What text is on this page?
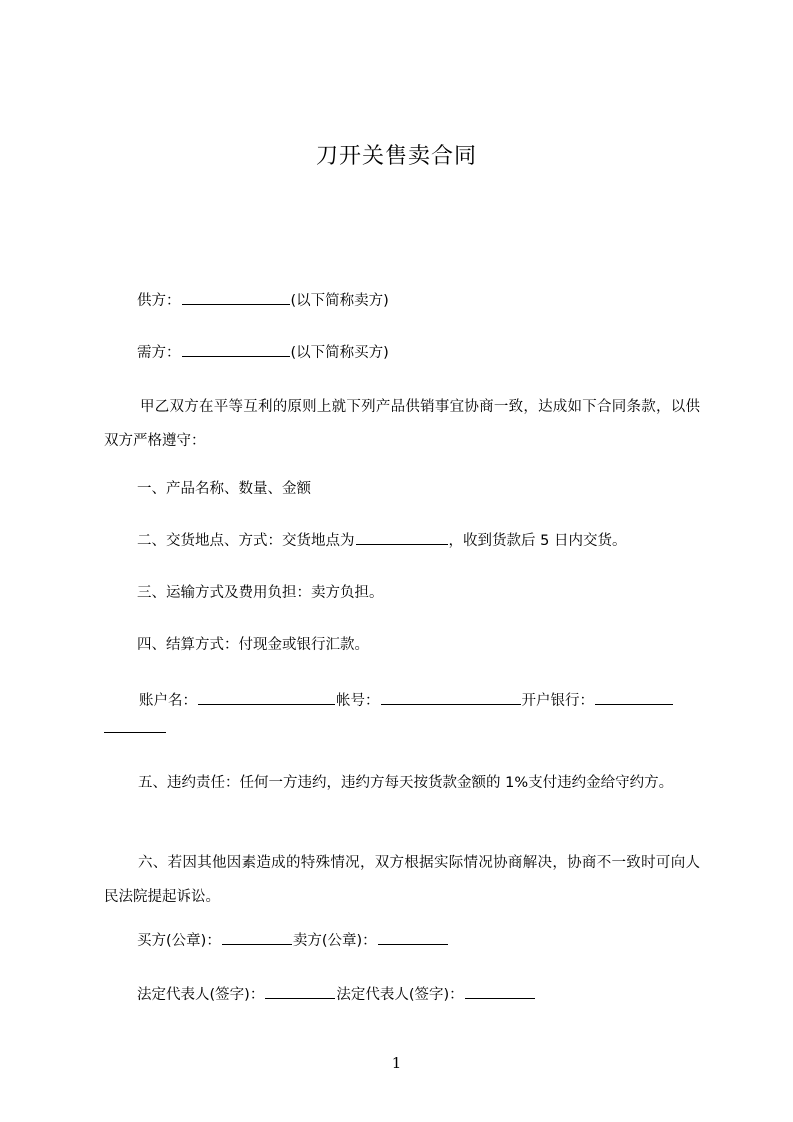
刀开关售卖合同
供方：	(以下简称卖方)
需方：	(以下简称买方)
甲乙双方在平等互利的原则上就下列产品供销事宜协商一致，达成如下合同条款，以供双方严格遵守：
一、产品名称、数量、金额
二、交货地点、方式：交货地点为	，收到货款后 5 日内交货。
三、运输方式及费用负担：卖方负担。
四、结算方式：付现金或银行汇款。
账户名：	帐号：	开户银行：
五、违约责任：任何一方违约，违约方每天按货款金额的 1%支付违约金给守约方。
六、若因其他因素造成的特殊情况，双方根据实际情况协商解决，协商不一致时可向人民法院提起诉讼。
买方(公章)：	卖方(公章)：
法定代表人(签字)：	法定代表人(签字)：
1
